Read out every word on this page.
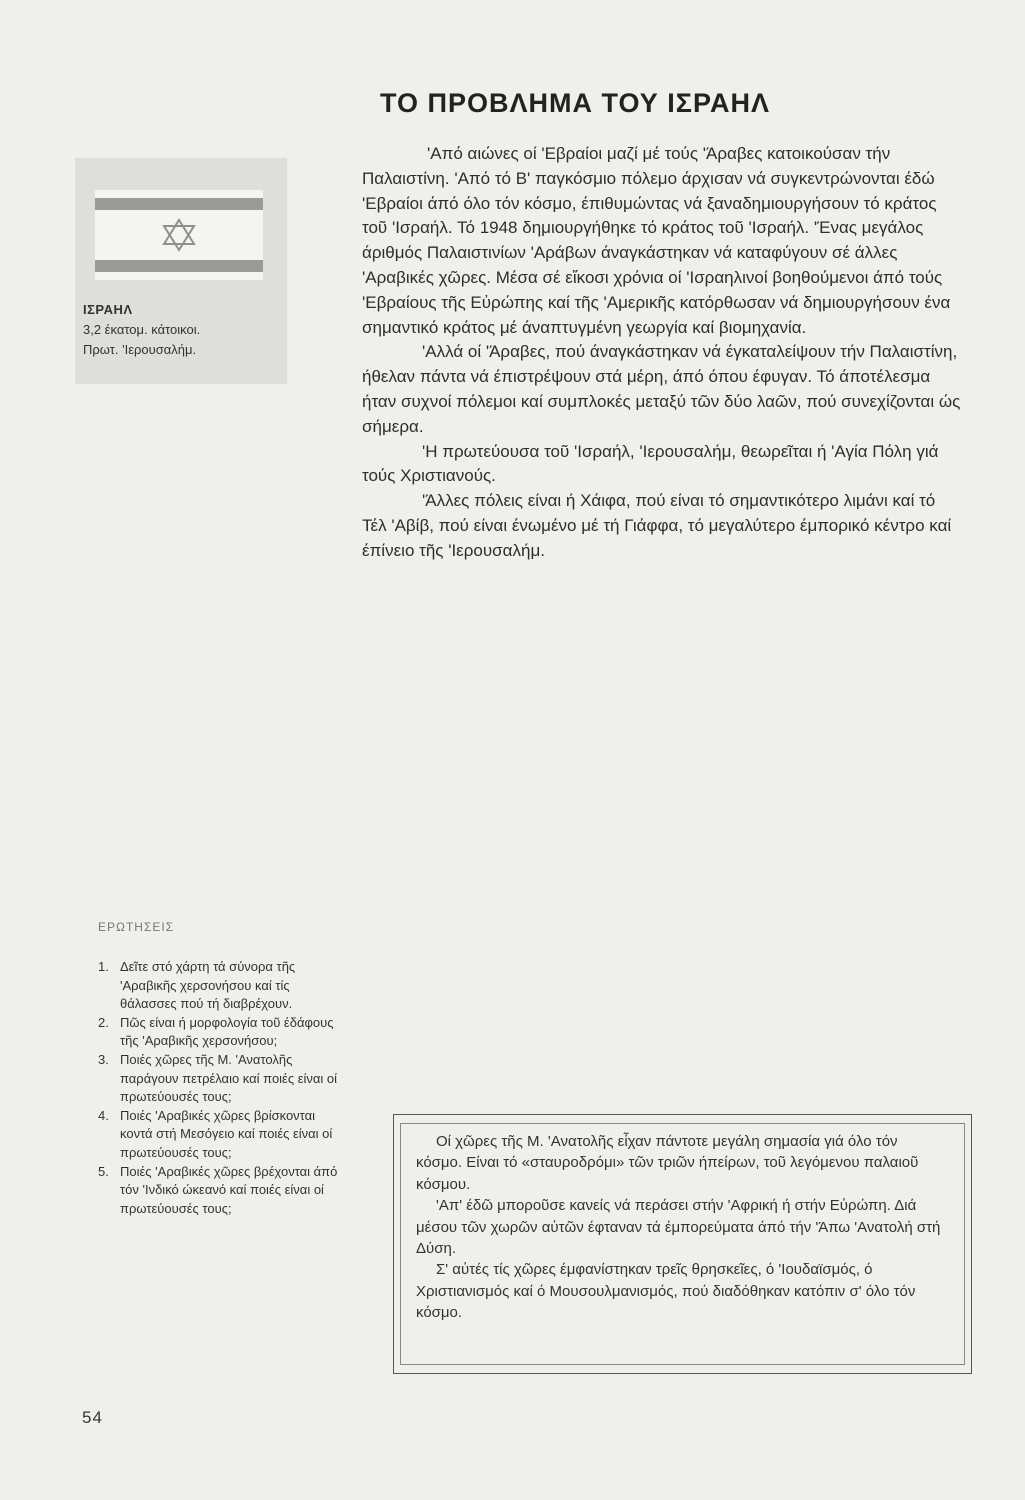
ΤΟ ΠΡΟΒΛΗΜΑ ΤΟΥ ΙΣΡΑΗΛ
ΙΣΡΑΗΛ
3,2 έκατομ. κάτοικοι.
Πρωτ. 'Ιερουσαλήμ.

'Από αιώνες οί 'Εβραίοι μαζί μέ τούς 'Άραβες κατοικούσαν τήν Παλαιστίνη. 'Από τό Β' παγκόσμιο πόλεμο άρχισαν νά συγκεντρώνονται έδώ 'Εβραίοι άπό όλο τόν κόσμο, έπιθυμώντας νά ξαναδημιουργήσουν τό κράτος τοῦ 'Ισραήλ. Τό 1948 δημιουργήθηκε τό κράτος τοῦ 'Ισραήλ. 'Ένας μεγάλος άριθμός Παλαιστινίων 'Αράβων άναγκάστηκαν νά καταφύγουν σέ άλλες 'Αραβικές χῶρες. Μέσα σέ εἴκοσι χρόνια οί 'Ισραηλινοί βοηθούμενοι άπό τούς 'Εβραίους τῆς Εὐρώπης καί τῆς 'Αμερικῆς κατόρθωσαν νά δημιουργήσουν ένα σημαντικό κράτος μέ άναπτυγμένη γεωργία καί βιομηχανία.

'Αλλά οί 'Άραβες, πού άναγκάστηκαν νά έγκαταλείψουν τήν Παλαιστίνη, ήθελαν πάντα νά έπιστρέψουν στά μέρη, άπό όπου έφυγαν. Τό άποτέλεσμα ήταν συχνοί πόλεμοι καί συμπλοκές μεταξύ τῶν δύο λαῶν, πού συνεχίζονται ώς σήμερα.

'Η πρωτεύουσα τοῦ 'Ισραήλ, 'Ιερουσαλήμ, θεωρεῖται ή 'Αγία Πόλη γιά τούς Χριστιανούς.

'Άλλες πόλεις είναι ή Χάιφα, πού είναι τό σημαντικότερο λιμάνι καί τό Τέλ 'Αβίβ, πού είναι ένωμένο μέ τή Γιάφφα, τό μεγαλύτερο έμπορικό κέντρο καί έπίνειο τῆς 'Ιερουσαλήμ.

ΕΡΩΤΗΣΕΙΣ
1. Δεῖτε στό χάρτη τά σύνορα τῆς 'Αραβικῆς χερσονήσου καί τίς θάλασσες πού τή διαβρέχουν.
2. Πῶς είναι ή μορφολογία τοῦ έδάφους τῆς 'Αραβικῆς χερσονήσου;
3. Ποιές χῶρες τῆς Μ. 'Ανατολῆς παράγουν πετρέλαιο καί ποιές είναι οί πρωτεύουσές τους;
4. Ποιές 'Αραβικές χῶρες βρίσκονται κοντά στή Μεσόγειο καί ποιές είναι οί πρωτεύουσές τους;
5. Ποιές 'Αραβικές χῶρες βρέχονται άπό τόν 'Ινδικό ώκεανό καί ποιές είναι οί πρωτεύουσές τους;

Οί χῶρες τῆς Μ. 'Ανατολῆς εἶχαν πάντοτε μεγάλη σημασία γιά όλο τόν κόσμο. Είναι τό «σταυροδρόμι» τῶν τριῶν ήπείρων, τοῦ λεγόμενου παλαιοῦ κόσμου.

'Απ' έδῶ μποροῦσε κανείς νά περάσει στήν 'Αφρική ή στήν Εὐρώπη. Διά μέσου τῶν χωρῶν αὐτῶν έφταναν τά έμπορεύματα άπό τήν 'Άπω 'Ανατολή στή Δύση.

Σ' αὐτές τίς χῶρες έμφανίστηκαν τρεῖς θρησκεῖες, ό 'Ιουδαϊσμός, ό Χριστιανισμός καί ό Μουσουλμανισμός, πού διαδόθηκαν κατόπιν σ' όλο τόν κόσμο.

54
